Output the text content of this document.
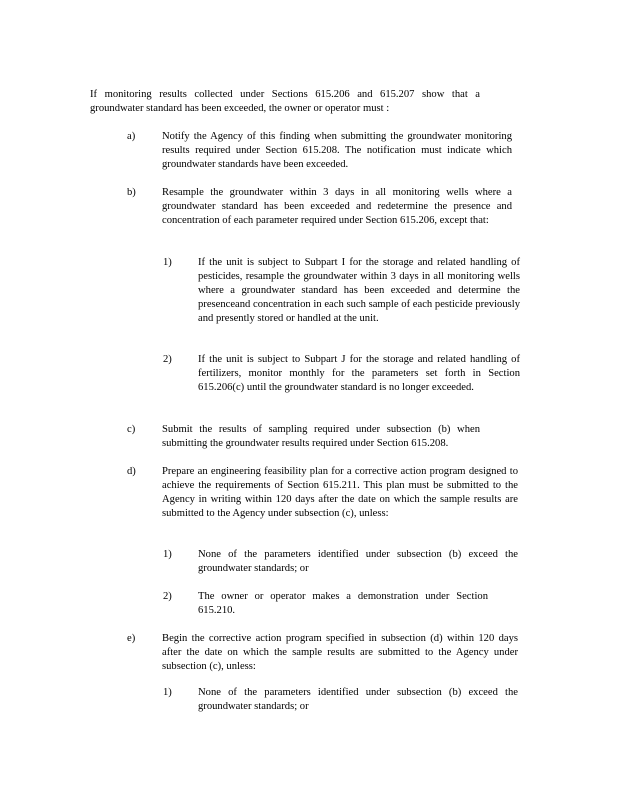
If monitoring results collected under Sections 615.206 and 615.207 show that a groundwater standard has been exceeded, the owner or operator must :
a)	Notify the Agency of this finding when submitting the groundwater monitoring results required under Section 615.208. The notification must indicate which groundwater standards have been exceeded.
b) Resample the groundwater within 3 days in all monitoring wells where a groundwater standard has been exceeded and redetermine the presence and concentration of each parameter required under Section 615.206, except that:
1) If the unit is subject to Subpart I for the storage and related handling of pesticides, resample the groundwater within 3 days in all monitoring wells where a groundwater standard has been exceeded and determine the presenceand concentration in each such sample of each pesticide previously and presently stored or handled at the unit.
2) If the unit is subject to Subpart J for the storage and related handling of fertilizers, monitor monthly for the parameters set forth in Section 615.206(c) until the groundwater standard is no longer exceeded.
c)	Submit the results of sampling required under subsection (b) when submitting the groundwater results required under Section 615.208.
d) Prepare an engineering feasibility plan for a corrective action program designed to achieve the requirements of Section 615.211. This plan must be submitted to the Agency in writing within 120 days after the date on which the sample results are submitted to the Agency under subsection (c), unless:
1) None of the parameters identified under subsection (b) exceed the groundwater standards; or
2) The owner or operator makes a demonstration under Section 615.210.
e)	Begin the corrective action program specified in subsection (d) within 120 days after the date on which the sample results are submitted to the Agency under subsection (c), unless:
1) None of the parameters identified under subsection (b) exceed the groundwater standards; or
